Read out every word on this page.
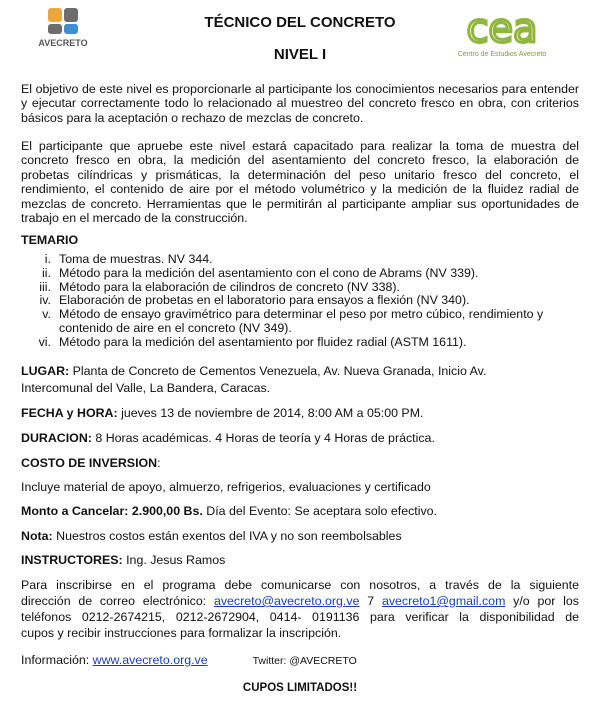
AVECRETO	cea
Centro de Estudios Avecreto
TÉCNICO DEL CONCRETO
NIVEL I
El objetivo de este nivel es proporcionarle al participante los conocimientos necesarios para entender y ejecutar correctamente todo lo relacionado al muestreo del concreto fresco en obra, con criterios básicos para la aceptación o rechazo de mezclas de concreto.
El participante que apruebe este nivel estará capacitado para realizar la toma de muestra del concreto fresco en obra, la medición del asentamiento del concreto fresco, la elaboración de probetas cilíndricas y prismáticas, la determinación del peso unitario fresco del concreto, el rendimiento, el contenido de aire por el método volumétrico y la medición de la fluidez radial de mezclas de concreto. Herramientas que le permitirán al participante ampliar sus oportunidades de trabajo en el mercado de la construcción.
TEMARIO
i. Toma de muestras. NV 344.
ii. Método para la medición del asentamiento con el cono de Abrams (NV 339).
iii. Método para la elaboración de cilindros de concreto (NV 338).
iv. Elaboración de probetas en el laboratorio para ensayos a flexión (NV 340).
v. Método de ensayo gravimétrico para determinar el peso por metro cúbico, rendimiento y contenido de aire en el concreto (NV 349).
vi. Método para la medición del asentamiento por fluidez radial (ASTM 1611).
LUGAR: Planta de Concreto de Cementos Venezuela, Av. Nueva Granada, Inicio Av.
Intercomunal del Valle, La Bandera, Caracas.
FECHA y HORA: jueves 13 de noviembre de 2014, 8:00 AM a 05:00 PM.
DURACION: 8 Horas académicas. 4 Horas de teoría y 4 Horas de práctica.
COSTO DE INVERSION:
Incluye material de apoyo, almuerzo, refrigerios, evaluaciones y certificado
Monto a Cancelar: 2.900,00 Bs. Día del Evento: Se aceptara solo efectivo.
Nota: Nuestros costos están exentos del IVA y no son reembolsables
INSTRUCTORES: Ing. Jesus Ramos
Para inscribirse en el programa debe comunicarse con nosotros, a través de la siguiente
dirección de correo electrónico: avecreto@avecreto.org.ve 7 avecreto1@gmail.com y/o por los
teléfonos 0212-2674215, 0212-2672904, 0414- 0191136 para verificar la disponibilidad de
cupos y recibir instrucciones para formalizar la inscripción.
Información: www.avecreto.org.ve	Twitter: @AVECRETO
CUPOS LIMITADOS!!
